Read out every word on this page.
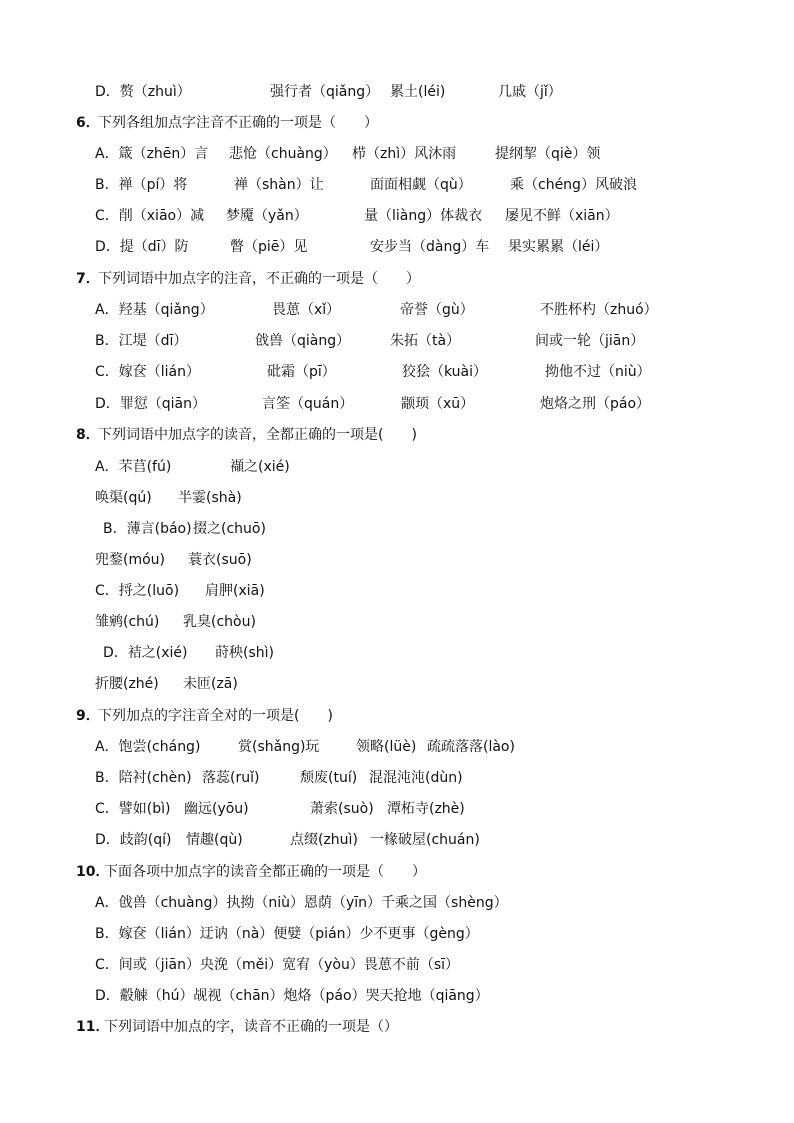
D．赘（zhuì）	强行者（qiǎng） 累土(léi)	几戚（jǐ）
6．
下列各组加点字注音不正确的一项是（　　）
A．箴（zhēn）言 悲怆（chuàng） 栉（zhì）风沐雨	提纲挈（qiè）领
B．禅（pí）将	禅（shàn）让	面面相觑（qù）	乘（chéng）风破浪
C．削（xiāo）减 梦魇（yǎn）	量（liàng）体裁衣 屡见不鲜（xiān）
D．提（dī）防	瞥（piē）见	安步当（dàng）车 果实累累（léi）
7．
下列词语中加点字的注音，不正确的一项是（　　）
A．羟基（qiǎng）	畏葸（xǐ）	帝誉（gù）	不胜杯杓（zhuó）
B．江堤（dī）	戗兽（qiàng）	朱拓（tà）	间或一轮（jiān）
C．嫁奁（lián）	砒霜（pī）	狡狯（kuài）	拗他不过（niù）
D．罪愆（qiān）	言筌（quán）	颛顼（xū）	炮烙之刑（páo）
8．
下列词语中加点字的读音，全都正确的一项是(　　)
A．芣苢(fú)	襭之(xié)
唤渠(qú) 半霎(shà)
B．薄言(báo) 掇之(chuō)
兜鍪(móu) 蓑衣(suō)
C．捋之(luō) 肩胛(xiā)
雏鹓(chú) 乳臭(chòu)
D．袺之(xié) 莳秧(shì)
折腰(zhé) 未匝(zā)
9．
下列加点的字注音全对的一项是(　　)
A．饱尝(cháng)	赏(shǎng)玩	领略(lüè) 疏疏落落(lào)
B．陪衬(chèn) 落蕊(ruǐ)	颓废(tuí) 混混沌沌(dùn)
C．譬如(bì) 幽远(yōu)	萧索(suò) 潭柘寺(zhè)
D．歧韵(qí) 情趣(qù)	点缀(zhuì) 一椽破屋(chuán)
10．
下面各项中加点字的读音全都正确的一项是（　　）
A．戗兽（chuàng）执拗（niù）恩荫（yīn）千乘之国（shèng）
B．嫁奁（lián）迂讷（nà）便嬖（pián）少不更事（gèng）
C．间或（jiān）央浼（měi）宽宥（yòu）畏葸不前（sī）
D．觳觫（hú）觇视（chān）炮烙（páo）哭天抢地（qiāng）
11．
下列词语中加点的字，读音不正确的一项是（）
